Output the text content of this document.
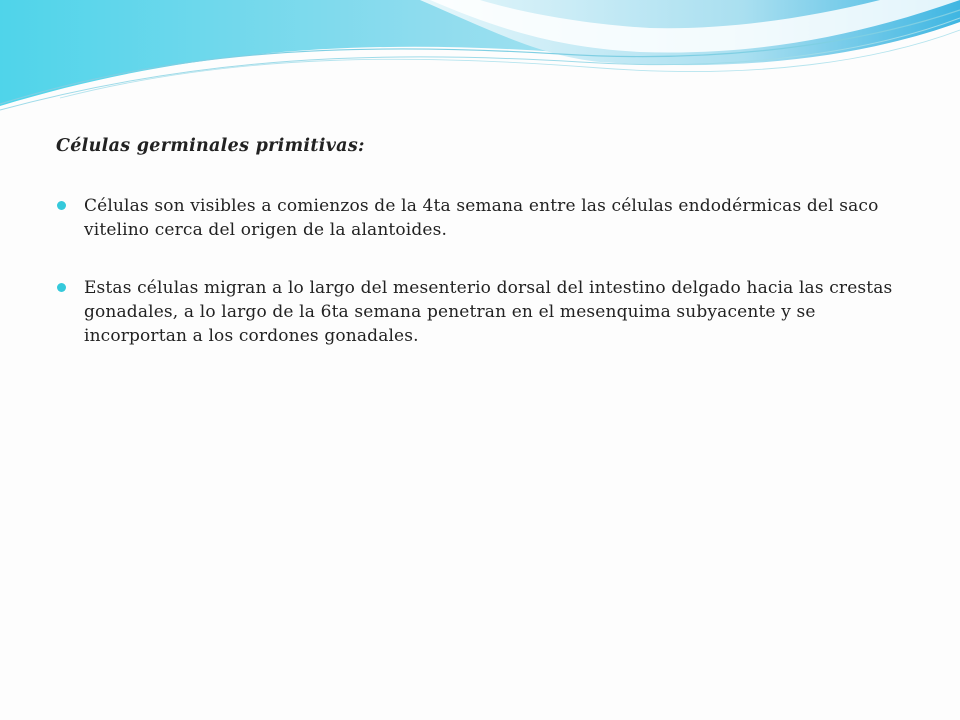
Células germinales primitivas:

Células son visibles a comienzos de la 4ta semana entre las células endodérmicas del saco vitelino cerca del origen de la alantoides.
Estas células migran a lo largo del mesenterio dorsal del intestino delgado hacia las crestas gonadales, a lo largo de la 6ta semana penetran en el mesenquima subyacente y se incorportan a los cordones gonadales.
